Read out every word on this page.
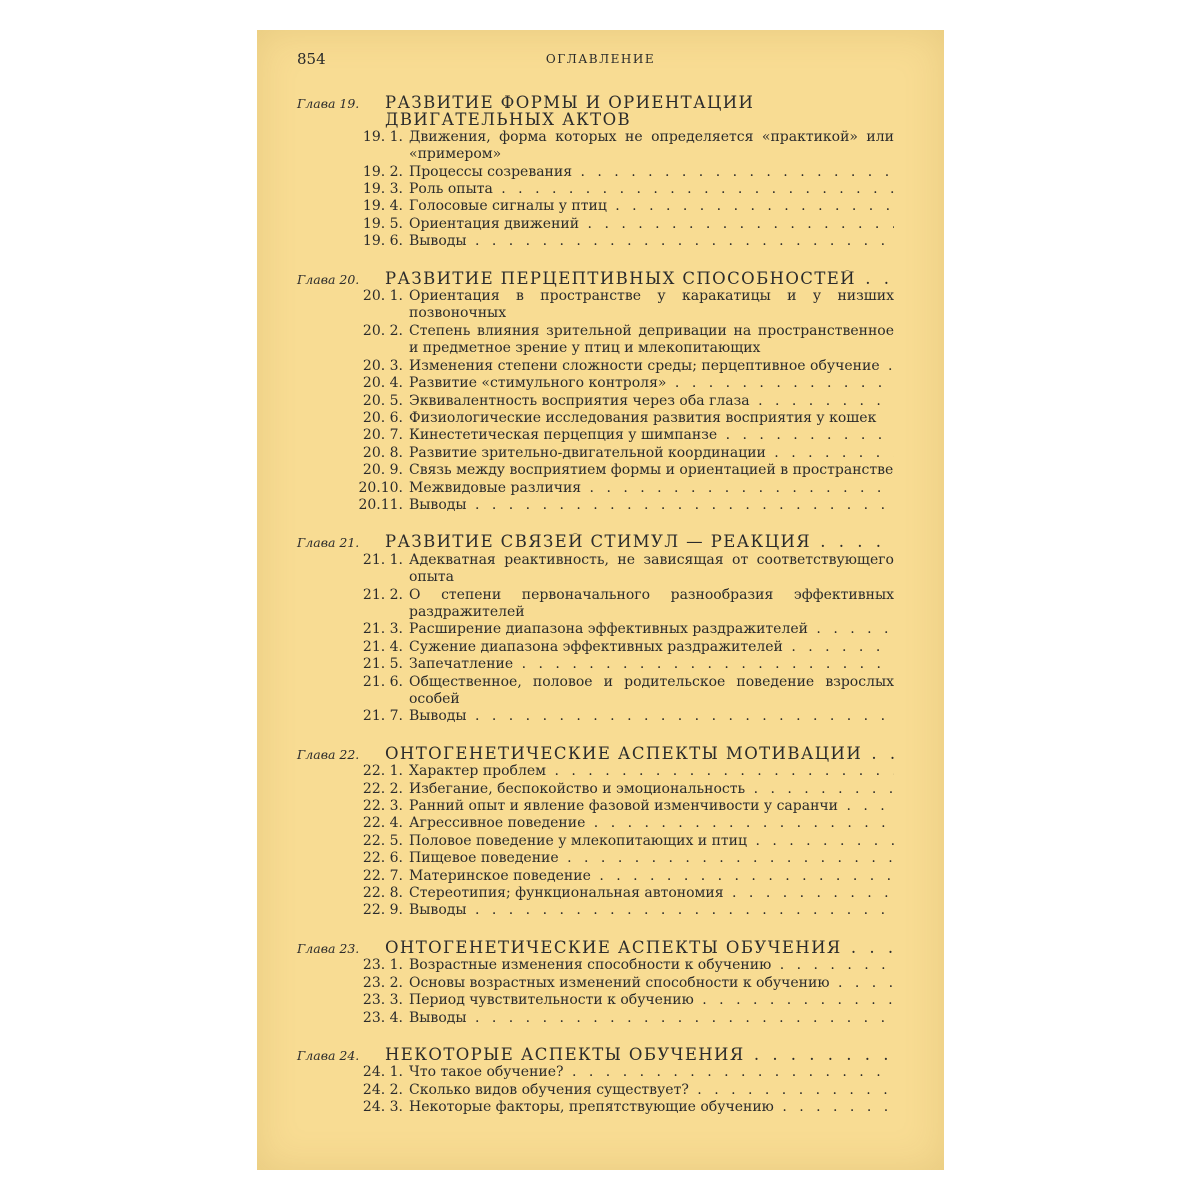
854	ОГЛАВЛЕНИЕ
Глава 19.	РАЗВИТИЕ ФОРМЫ И ОРИЕНТАЦИИ ДВИГАТЕЛЬНЫХ АКТОВ
19. 1. Движения, форма которых не определяется «практикой» или «примером»
19. 2. Процессы созревания . . .
19. 3. Роль опыта . . .
19. 4. Голосовые сигналы у птиц . . .
19. 5. Ориентация движений . . .
19. 6. Выводы . . .
Глава 20.	РАЗВИТИЕ ПЕРЦЕПТИВНЫХ СПОСОБНОСТЕЙ . . .
20. 1. Ориентация в пространстве у каракатицы и у низших позвоночных
20. 2. Степень влияния зрительной депривации на пространственное и предметное зрение у птиц и млекопитающих
20. 3. Изменения степени сложности среды; перцептивное обучение . . .
20. 4. Развитие «стимульного контроля» . . .
20. 5. Эквивалентность восприятия через оба глаза . . .
20. 6. Физиологические исследования развития восприятия у кошек
20. 7. Кинестетическая перцепция у шимпанзе . . .
20. 8. Развитие зрительно-двигательной координации . . .
20. 9. Связь между восприятием формы и ориентацией в пространстве
20.10. Межвидовые различия . . .
20.11. Выводы . . .
Глава 21.	РАЗВИТИЕ СВЯЗЕЙ СТИМУЛ — РЕАКЦИЯ . . .
21. 1. Адекватная реактивность, не зависящая от соответствующего опыта
21. 2. О степени первоначального разнообразия эффективных раздражителей
21. 3. Расширение диапазона эффективных раздражителей . . .
21. 4. Сужение диапазона эффективных раздражителей . . .
21. 5. Запечатление . . .
21. 6. Общественное, половое и родительское поведение взрослых особей
21. 7. Выводы . . .
Глава 22.	ОНТОГЕНЕТИЧЕСКИЕ АСПЕКТЫ МОТИВАЦИИ . . .
22. 1. Характер проблем . . .
22. 2. Избегание, беспокойство и эмоциональность . . .
22. 3. Ранний опыт и явление фазовой изменчивости у саранчи . . .
22. 4. Агрессивное поведение . . .
22. 5. Половое поведение у млекопитающих и птиц . . .
22. 6. Пищевое поведение . . .
22. 7. Материнское поведение . . .
22. 8. Стереотипия; функциональная автономия . . .
22. 9. Выводы . . .
Глава 23.	ОНТОГЕНЕТИЧЕСКИЕ АСПЕКТЫ ОБУЧЕНИЯ . . .
23. 1. Возрастные изменения способности к обучению . . .
23. 2. Основы возрастных изменений способности к обучению . . .
23. 3. Период чувствительности к обучению . . .
23. 4. Выводы . . .
Глава 24.	НЕКОТОРЫЕ АСПЕКТЫ ОБУЧЕНИЯ . . .
24. 1. Что такое обучение? . . .
24. 2. Сколько видов обучения существует? . . .
24. 3. Некоторые факторы, препятствующие обучению . . .
